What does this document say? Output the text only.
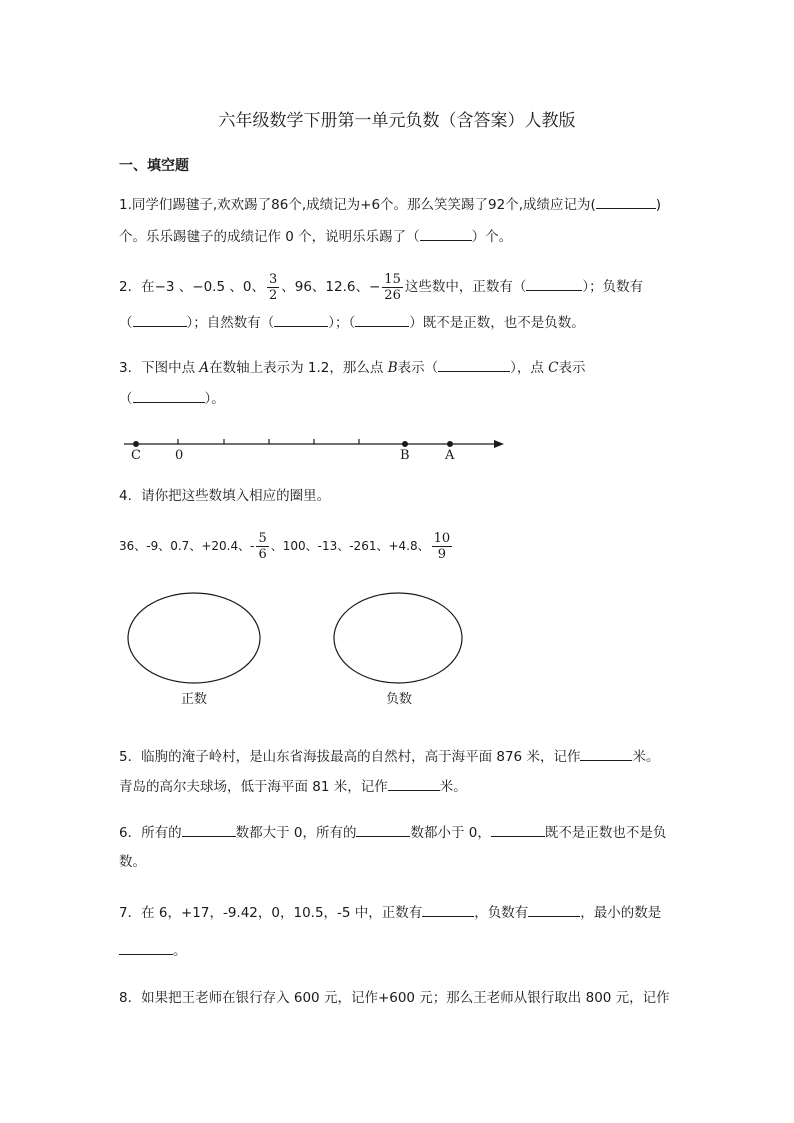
六年级数学下册第一单元负数（含答案）人教版
一、填空题
1.同学们踢毽子,欢欢踢了86个,成绩记为+6个。那么笑笑踢了92个,成绩应记为(	)
个。乐乐踢毽子的成绩记作 0 个，说明乐乐踢了（	）个。
2．在−3 、−0.5 、0、 $\frac{3}{2}$ 、96、12.6、− $\frac{15}{26}$ 这些数中，正数有（	）；负数有
（	）；自然数有（	）；（	）既不是正数，也不是负数。
3．下图中点 A在数轴上表示为 1.2，那么点 B表示（	），点 C表示
（	）。
C	0	B	A
4．请你把这些数填入相应的圈里。
36、-9、0.7、+20.4、- $\frac{5}{6}$ 、100、-13、-261、+4.8、 $\frac{10}{9}$
正数	负数
5．临朐的淹子岭村，是山东省海拔最高的自然村，高于海平面 876 米，记作	米。
青岛的高尔夫球场，低于海平面 81 米，记作	米。
6．所有的	数都大于 0，所有的	数都小于 0，	既不是正数也不是负
数。
7．在 6，+17，-9.42，0，10.5，-5 中，正数有	，负数有	，最小的数是
。
8．如果把王老师在银行存入 600 元，记作+600 元；那么王老师从银行取出 800 元，记作
